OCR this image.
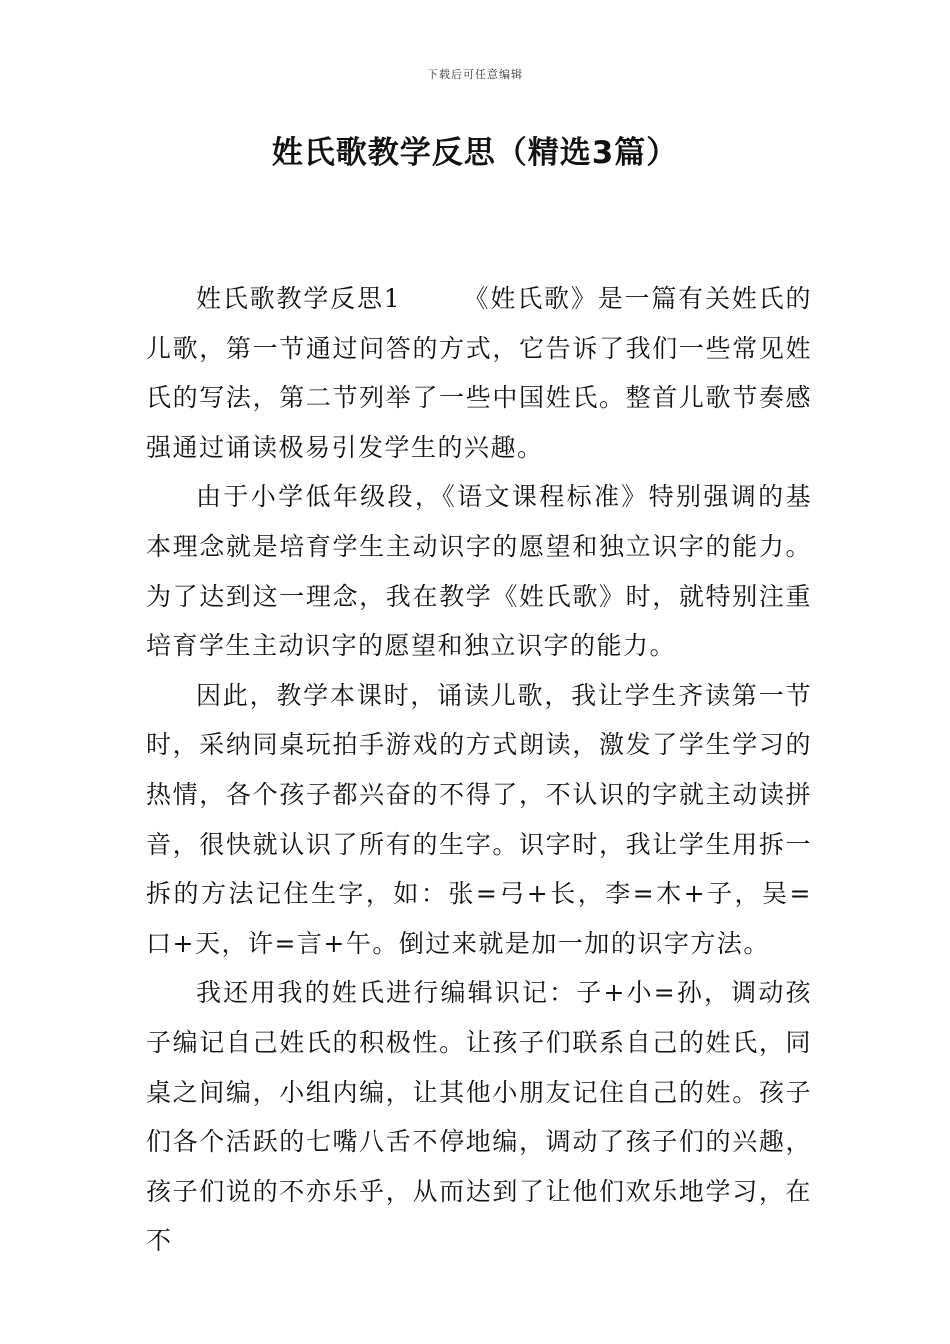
下载后可任意编辑
姓氏歌教学反思（精选3篇）

姓氏歌教学反思1 《姓氏歌》是一篇有关姓氏的儿歌，第一节通过问答的方式，它告诉了我们一些常见姓氏的写法，第二节列举了一些中国姓氏。整首儿歌节奏感强通过诵读极易引发学生的兴趣。

由于小学低年级段，《语文课程标准》特别强调的基本理念就是培育学生主动识字的愿望和独立识字的能力。为了达到这一理念，我在教学《姓氏歌》时，就特别注重培育学生主动识字的愿望和独立识字的能力。

因此，教学本课时，诵读儿歌，我让学生齐读第一节时，采纳同桌玩拍手游戏的方式朗读，激发了学生学习的热情，各个孩子都兴奋的不得了，不认识的字就主动读拼音，很快就认识了所有的生字。识字时，我让学生用拆一拆的方法记住生字，如：张=弓+长，李=木+子，吴=口+天，许=言+午。倒过来就是加一加的识字方法。

我还用我的姓氏进行编辑识记：子+小=孙，调动孩子编记自己姓氏的积极性。让孩子们联系自己的姓氏，同桌之间编，小组内编，让其他小朋友记住自己的姓。孩子们各个活跃的七嘴八舌不停地编，调动了孩子们的兴趣，孩子们说的不亦乐乎，从而达到了让他们欢乐地学习，在不
